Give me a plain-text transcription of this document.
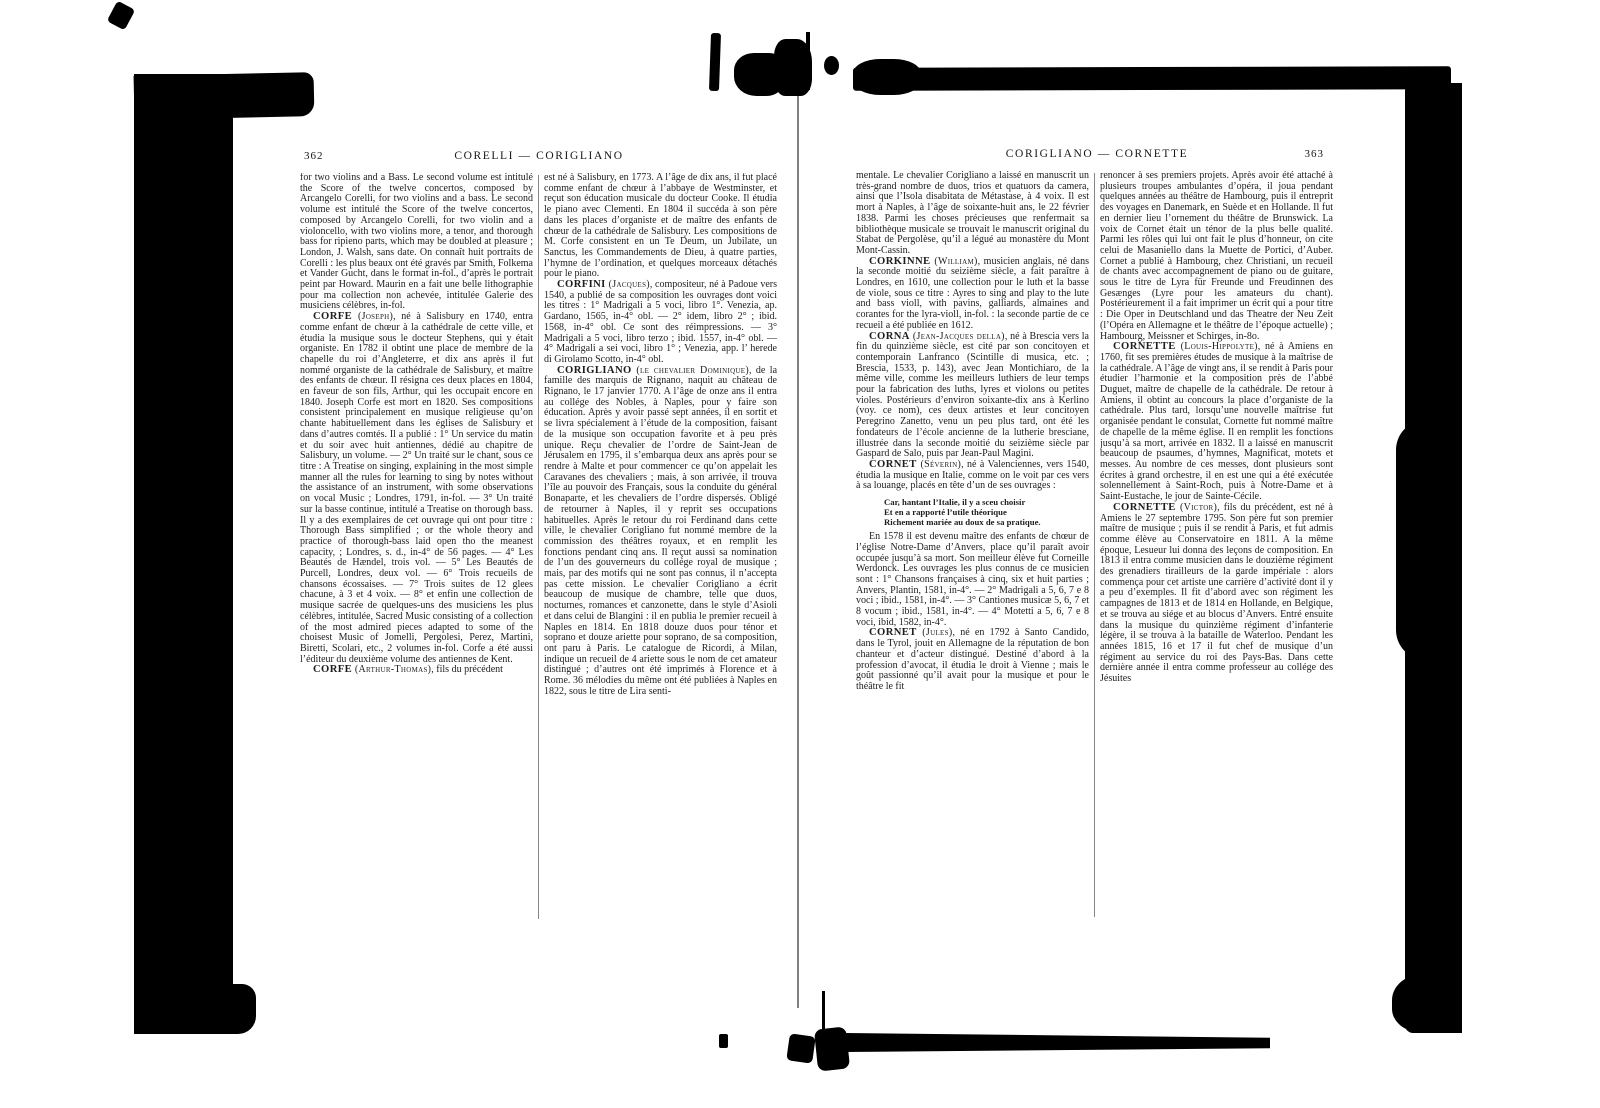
362	CORELLI — CORIGLIANO

for two violins and a Bass. Le second volume est intitulé the Score of the twelve concertos, composed by Arcangelo Corelli, for two violins and a bass. Le second volume est intitulé the Score of the twelve concertos, composed by Arcangelo Corelli, for two violin and a violoncello, with two violins more, a tenor, and thorough bass for ripieno parts, which may be doubled at pleasure ; London, J. Walsh, sans date. On connaît huit portraits de Corelli : les plus beaux ont été gravés par Smith, Folkema et Vander Gucht, dans le format in-fol., d’après le portrait peint par Howard. Maurin en a fait une belle lithographie pour ma collection non achevée, intitulée Galerie des musiciens célèbres, in-fol.

CORFE (Joseph), né à Salisbury en 1740, entra comme enfant de chœur à la cathédrale de cette ville, et étudia la musique sous le docteur Stephens, qui y était organiste. En 1782 il obtint une place de membre de la chapelle du roi d’Angleterre, et dix ans après il fut nommé organiste de la cathédrale de Salisbury, et maître des enfants de chœur. Il résigna ces deux places en 1804, en faveur de son fils, Arthur, qui les occupait encore en 1840. Joseph Corfe est mort en 1820. Ses compositions consistent principalement en musique religieuse qu’on chante habituellement dans les églises de Salisbury et dans d’autres comtés. Il a publié : 1° Un service du matin et du soir avec huit antiennes, dédié au chapitre de Salisbury, un volume. — 2° Un traité sur le chant, sous ce titre : A Treatise on singing, explaining in the most simple manner all the rules for learning to sing by notes without the assistance of an instrument, with some observations on vocal Music ; Londres, 1791, in-fol. — 3° Un traité sur la basse continue, intitulé a Treatise on thorough bass. Il y a des exemplaires de cet ouvrage qui ont pour titre : Thorough Bass simplified ; or the whole theory and practice of thorough-bass laid open tho the meanest capacity, ; Londres, s. d., in-4° de 56 pages. — 4° Les Beautés de Hændel, trois vol. — 5° Les Beautés de Purcell, Londres, deux vol. — 6° Trois recueils de chansons écossaises. — 7° Trois suites de 12 glees chacune, à 3 et 4 voix. — 8° et enfin une collection de musique sacrée de quelques-uns des musiciens les plus célèbres, intitulée, Sacred Music consisting of a collection of the most admired pieces adapted to some of the choisest Music of Jomelli, Pergolesi, Perez, Martini, Biretti, Scolari, etc., 2 volumes in-fol. Corfe a été aussi l’éditeur du deuxième volume des antiennes de Kent.

CORFE (Arthur-Thomas), fils du précédent

est né à Salisbury, en 1773. A l’âge de dix ans, il fut placé comme enfant de chœur à l’abbaye de Westminster, et reçut son éducation musicale du docteur Cooke. Il étudia le piano avec Clementi. En 1804 il succéda à son père dans les places d’organiste et de maître des enfants de chœur de la cathédrale de Salisbury. Les compositions de M. Corfe consistent en un Te Deum, un Jubilate, un Sanctus, les Commandements de Dieu, à quatre parties, l’hymne de l’ordination, et quelques morceaux détachés pour le piano.

CORFINI (Jacques), compositeur, né à Padoue vers 1540, a publié de sa composition les ouvrages dont voici les titres : 1° Madrigali a 5 voci, libro 1°. Venezia, ap. Gardano, 1565, in-4° obl. — 2° idem, libro 2° ; ibid. 1568, in-4° obl. Ce sont des réimpressions. — 3° Madrigali a 5 voci, libro terzo ; ibid. 1557, in-4° obl. — 4° Madrigali a sei voci, libro 1° ; Venezia, app. l’ herede di Girolamo Scotto, in-4° obl.

CORIGLIANO (le chevalier Dominique), de la famille des marquis de Rignano, naquit au château de Rignano, le 17 janvier 1770. A l’âge de onze ans il entra au collége des Nobles, à Naples, pour y faire son éducation. Après y avoir passé sept années, il en sortit et se livra spécialement à l’étude de la composition, faisant de la musique son occupation favorite et à peu près unique. Reçu chevalier de l’ordre de Saint-Jean de Jérusalem en 1795, il s’embarqua deux ans après pour se rendre à Malte et pour commencer ce qu’on appelait les Caravanes des chevaliers ; mais, à son arrivée, il trouva l’île au pouvoir des Français, sous la conduite du général Bonaparte, et les chevaliers de l’ordre dispersés. Obligé de retourner à Naples, il y reprit ses occupations habituelles. Après le retour du roi Ferdinand dans cette ville, le chevalier Corigliano fut nommé membre de la commission des théâtres royaux, et en remplit les fonctions pendant cinq ans. Il reçut aussi sa nomination de l’un des gouverneurs du collége royal de musique ; mais, par des motifs qui ne sont pas connus, il n’accepta pas cette mission. Le chevalier Corigliano a écrit beaucoup de musique de chambre, telle que duos, nocturnes, romances et canzonette, dans le style d’Asioli et dans celui de Blangini : il en publia le premier recueil à Naples en 1814. En 1818 douze duos pour ténor et soprano et douze ariette pour soprano, de sa composition, ont paru à Paris. Le catalogue de Ricordi, à Milan, indique un recueil de 4 ariette sous le nom de cet amateur distingué ; d’autres ont été imprimés à Florence et à Rome. 36 mélodies du même ont été publiées à Naples en 1822, sous le titre de Lira senti-

CORIGLIANO — CORNETTE	363

mentale. Le chevalier Corigliano a laissé en manuscrit un très-grand nombre de duos, trios et quatuors da camera, ainsi que l’Isola disabitata de Métastase, à 4 voix. Il est mort à Naples, à l’âge de soixante-huit ans, le 22 février 1838. Parmi les choses précieuses que renfermait sa bibliothèque musicale se trouvait le manuscrit original du Stabat de Pergolèse, qu’il a légué au monastère du Mont Mont-Cassin.

CORKINNE (William), musicien anglais, né dans la seconde moitié du seizième siècle, a fait paraître à Londres, en 1610, une collection pour le luth et la basse de viole, sous ce titre : Ayres to sing and play to the lute and bass violl, with pavins, galliards, almaines and corantes for the lyra-violl, in-fol. : la seconde partie de ce recueil a été publiée en 1612.

CORNA (Jean-Jacques della), né à Brescia vers la fin du quinzième siècle, est cité par son concitoyen et contemporain Lanfranco (Scintille di musica, etc. ; Brescia, 1533, p. 143), avec Jean Montichiaro, de la même ville, comme les meilleurs luthiers de leur temps pour la fabrication des luths, lyres et violons ou petites violes. Postérieurs d’environ soixante-dix ans à Kerlino (voy. ce nom), ces deux artistes et leur concitoyen Peregrino Zanetto, venu un peu plus tard, ont été les fondateurs de l’école ancienne de la lutherie bresciane, illustrée dans la seconde moitié du seizième siècle par Gaspard de Salo, puis par Jean-Paul Magini.

CORNET (Séverin), né à Valenciennes, vers 1540, étudia la musique en Italie, comme on le voit par ces vers à sa louange, placés en tête d’un de ses ouvrages :

Car, hantant l’Italie, il y a sceu choisir
Et en a rapporté l’utile théorique
Richement mariée au doux de sa pratique.

En 1578 il est devenu maître des enfants de chœur de l’église Notre-Dame d’Anvers, place qu’il paraît avoir occupée jusqu’à sa mort. Son meilleur élève fut Corneille Werdonck. Les ouvrages les plus connus de ce musicien sont : 1° Chansons françaises à cinq, six et huit parties ; Anvers, Plantin, 1581, in-4°. — 2° Madrigali a 5, 6, 7 e 8 voci ; ibid., 1581, in-4°. — 3° Cantiones musicæ 5, 6, 7 et 8 vocum ; ibid., 1581, in-4°. — 4° Motetti a 5, 6, 7 e 8 voci, ibid, 1582, in-4°.

CORNET (Jules), né en 1792 à Santo Candido, dans le Tyrol, jouit en Allemagne de la réputation de bon chanteur et d’acteur distingué. Destiné d’abord à la profession d’avocat, il étudia le droit à Vienne ; mais le goût passionné qu’il avait pour la musique et pour le théâtre le fit

renoncer à ses premiers projets. Après avoir été attaché à plusieurs troupes ambulantes d’opéra, il joua pendant quelques années au théâtre de Hambourg, puis il entreprit des voyages en Danemark, en Suède et en Hollande. Il fut en dernier lieu l’ornement du théâtre de Brunswick. La voix de Cornet était un ténor de la plus belle qualité. Parmi les rôles qui lui ont fait le plus d’honneur, on cite celui de Masaniello dans la Muette de Portici, d’Auber. Cornet a publié à Hambourg, chez Christiani, un recueil de chants avec accompagnement de piano ou de guitare, sous le titre de Lyra für Freunde und Freudinnen des Gesænges (Lyre pour les amateurs du chant). Postérieurement il a fait imprimer un écrit qui a pour titre : Die Oper in Deutschland und das Theatre der Neu Zeit (l’Opéra en Allemagne et le théâtre de l’époque actuelle) ; Hambourg, Meissner et Schirges, in-8o.

CORNETTE (Louis-Hippolyte), né à Amiens en 1760, fit ses premières études de musique à la maîtrise de la cathédrale. A l’âge de vingt ans, il se rendit à Paris pour étudier l’harmonie et la composition près de l’abbé Duguet, maître de chapelle de la cathédrale. De retour à Amiens, il obtint au concours la place d’organiste de la cathédrale. Plus tard, lorsqu’une nouvelle maîtrise fut organisée pendant le consulat, Cornette fut nommé maître de chapelle de la même église. Il en remplit les fonctions jusqu’à sa mort, arrivée en 1832. Il a laissé en manuscrit beaucoup de psaumes, d’hymnes, Magnificat, motets et messes. Au nombre de ces messes, dont plusieurs sont écrites à grand orchestre, il en est une qui a été exécutée solennellement à Saint-Roch, puis à Notre-Dame et à Saint-Eustache, le jour de Sainte-Cécile.

CORNETTE (Victor), fils du précédent, est né à Amiens le 27 septembre 1795. Son père fut son premier maître de musique ; puis il se rendit à Paris, et fut admis comme élève au Conservatoire en 1811. A la même époque, Lesueur lui donna des leçons de composition. En 1813 il entra comme musicien dans le douzième régiment des grenadiers tirailleurs de la garde impériale : alors commença pour cet artiste une carrière d’activité dont il y a peu d’exemples. Il fit d’abord avec son régiment les campagnes de 1813 et de 1814 en Hollande, en Belgique, et se trouva au siége et au blocus d’Anvers. Entré ensuite dans la musique du quinzième régiment d’infanterie légère, il se trouva à la bataille de Waterloo. Pendant les années 1815, 16 et 17 il fut chef de musique d’un régiment au service du roi des Pays-Bas. Dans cette dernière année il entra comme professeur au collége des Jésuites
